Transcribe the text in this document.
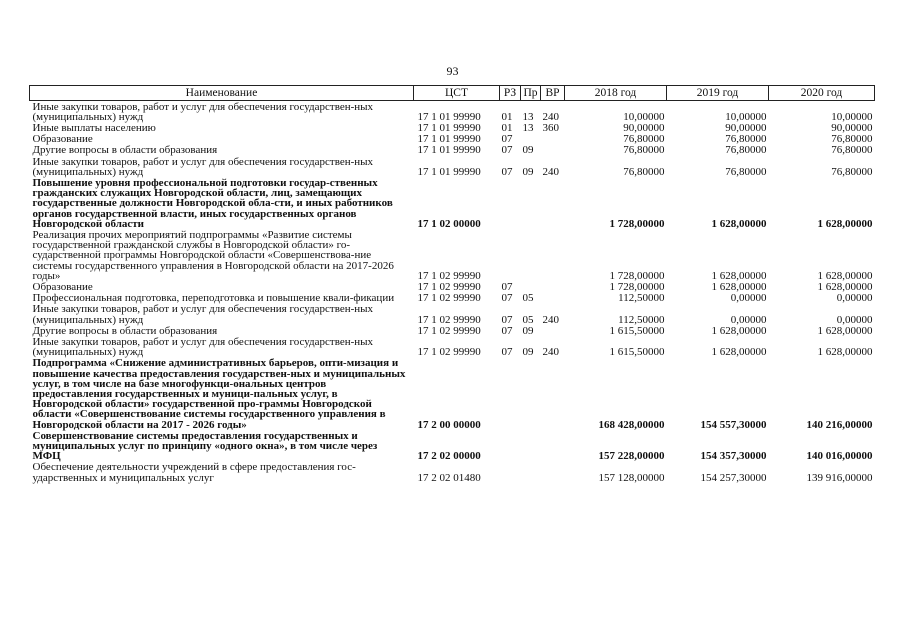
93
Наименование	ЦСТ	РЗ	Пр	ВР	2018 год	2019 год	2020 год
Иные закупки товаров, работ и услуг для обеспечения государствен-ных (муниципальных) нужд	17 1 01 99990	01	13	240	10,00000	10,00000	10,00000
Иные выплаты населению	17 1 01 99990	01	13	360	90,00000	90,00000	90,00000
Образование	17 1 01 99990	07			76,80000	76,80000	76,80000
Другие вопросы в области образования	17 1 01 99990	07	09		76,80000	76,80000	76,80000
Иные закупки товаров, работ и услуг для обеспечения государствен-ных (муниципальных) нужд	17 1 01 99990	07	09	240	76,80000	76,80000	76,80000
Повышение уровня профессиональной подготовки государ-ственных гражданских служащих Новгородской области, лиц, замещающих государственные должности Новгородской обла-сти, и иных работников органов государственной власти, иных государственных органов Новгородской области	17 1 02 00000				1 728,00000	1 628,00000	1 628,00000
Реализация прочих мероприятий подпрограммы «Развитие системы государственной гражданской службы в Новгородской области» го-сударственной программы Новгородской области «Совершенствова-ние системы государственного управления в Новгородской области на 2017-2026 годы»	17 1 02 99990				1 728,00000	1 628,00000	1 628,00000
Образование	17 1 02 99990	07			1 728,00000	1 628,00000	1 628,00000
Профессиональная подготовка, переподготовка и повышение квали-фикации	17 1 02 99990	07	05		112,50000	0,00000	0,00000
Иные закупки товаров, работ и услуг для обеспечения государствен-ных (муниципальных) нужд	17 1 02 99990	07	05	240	112,50000	0,00000	0,00000
Другие вопросы в области образования	17 1 02 99990	07	09		1 615,50000	1 628,00000	1 628,00000
Иные закупки товаров, работ и услуг для обеспечения государствен-ных (муниципальных) нужд	17 1 02 99990	07	09	240	1 615,50000	1 628,00000	1 628,00000
Подпрограмма «Снижение административных барьеров, опти-мизация и повышение качества предоставления государствен-ных и муниципальных услуг, в том числе на базе многофункци-ональных центров предоставления государственных и муници-пальных услуг, в Новгородской области» государственной про-граммы Новгородской области «Совершенствование системы государственного управления в Новгородской области на 2017 - 2026 годы»	17 2 00 00000				168 428,00000	154 557,30000	140 216,00000
Совершенствование системы предоставления государственных и муниципальных услуг по принципу «одного окна», в том числе через МФЦ	17 2 02 00000				157 228,00000	154 357,30000	140 016,00000
Обеспечение деятельности учреждений в сфере предоставления гос-ударственных и муниципальных услуг	17 2 02 01480				157 128,00000	154 257,30000	139 916,00000
